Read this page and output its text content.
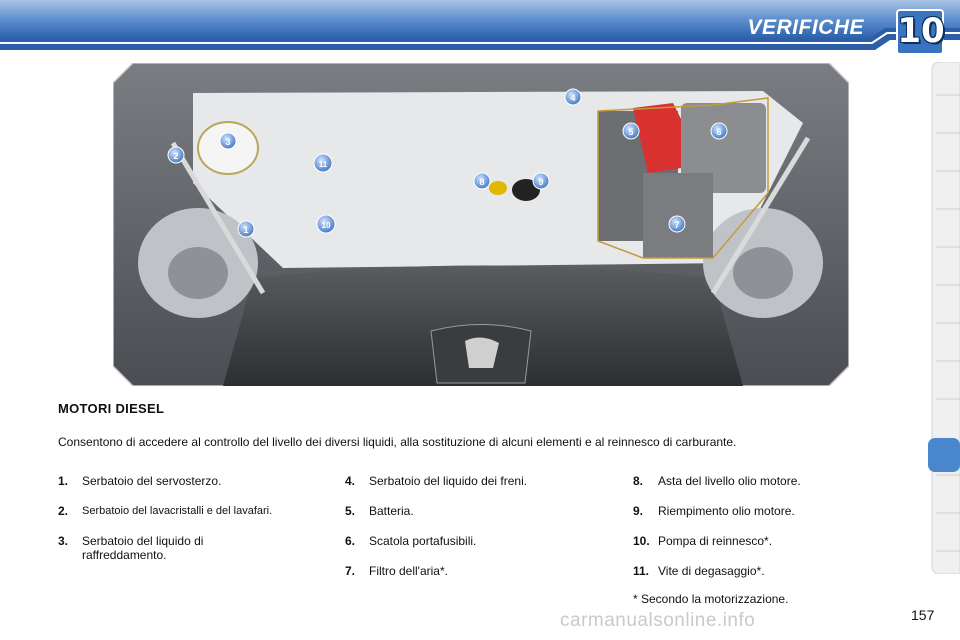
VERIFICHE 10
1
2
3
4
5	6
7
8	9
10
11
MOTORI DIESEL
Consentono di accedere al controllo del livello dei diversi liquidi, alla sostituzione di alcuni elementi e al reinnesco di carburante.
1.	Serbatoio del servosterzo.
2.	Serbatoio del lavacristalli e del lavafari.
3.	Serbatoio del liquido di raffreddamento.
4.	Serbatoio del liquido dei freni.
5.	Batteria.
6.	Scatola portafusibili.
7.	Filtro dell'aria*.
8.	Asta del livello olio motore.
9.	Riempimento olio motore.
10. Pompa di reinnesco*.
11. Vite di degasaggio*.
* Secondo la motorizzazione.
carmanualsonline.info	157
